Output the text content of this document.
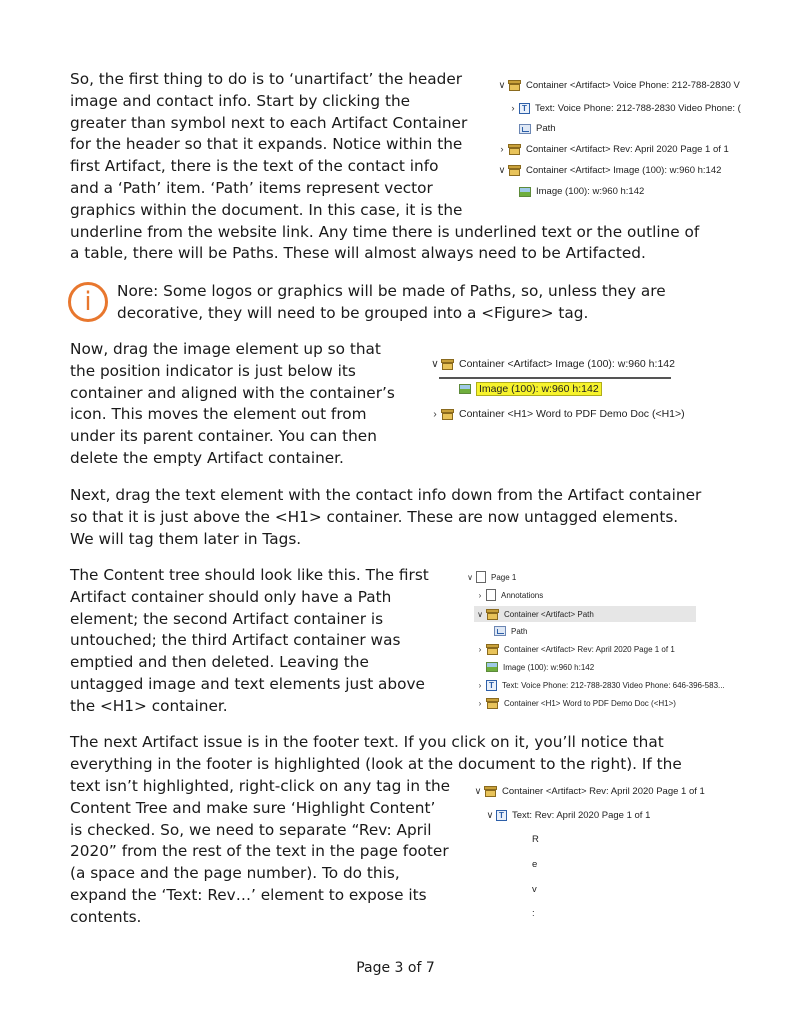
So, the first thing to do is to ‘unartifact’ the header

image and contact info. Start by clicking the

greater than symbol next to each Artifact Container

for the header so that it expands. Notice within the

first Artifact, there is the text of the contact info

and a ‘Path’ item. ‘Path’ items represent vector

graphics within the document. In this case, it is the

underline from the website link. Any time there is underlined text or the outline of

a table, there will be Paths. These will almost always need to be Artifacted.

∨ Container <Artifact> Voice Phone: 212-788-2830 V
› T Text: Voice Phone: 212-788-2830 Video Phone: (
Path
›	Container <Artifact> Rev: April 2020 Page 1 of 1
∨ Container <Artifact> Image (100): w:960 h:142
Image (100): w:960 h:142
i	Nore: Some logos or graphics will be made of Paths, so, unless they are

decorative, they will need to be grouped into a <Figure> tag.

Now, drag the image element up so that

the position indicator is just below its

container and aligned with the container’s

icon. This moves the element out from

under its parent container. You can then

delete the empty Artifact container.

∨ Container <Artifact> Image (100): w:960 h:142
Image (100): w:960 h:142
›	Container <H1> Word to PDF Demo Doc (<H1>)

Next, drag the text element with the contact info down from the Artifact container

so that it is just above the <H1> container. These are now untagged elements.

We will tag them later in Tags.

The Content tree should look like this. The first

Artifact container should only have a Path

element; the second Artifact container is

untouched; the third Artifact container was

emptied and then deleted. Leaving the

untagged image and text elements just above

the <H1> container.

∨	Page 1
›	Annotations
∨	Container <Artifact> Path
Path
›	Container <Artifact> Rev: April 2020 Page 1 of 1
Image (100): w:960 h:142
› T	Text: Voice Phone: 212-788-2830 Video Phone: 646-396-583...
›	Container <H1> Word to PDF Demo Doc (<H1>)

The next Artifact issue is in the footer text. If you click on it, you’ll notice that

everything in the footer is highlighted (look at the document to the right). If the

text isn’t highlighted, right-click on any tag in the

Content Tree and make sure ‘Highlight Content’

is checked. So, we need to separate “Rev: April

2020” from the rest of the text in the page footer

(a space and the page number). To do this,

expand the ‘Text: Rev…’ element to expose its

contents.

∨ Container <Artifact> Rev: April 2020 Page 1 of 1
∨ T Text: Rev: April 2020 Page 1 of 1
R
e
v
:
Page 3 of 7
